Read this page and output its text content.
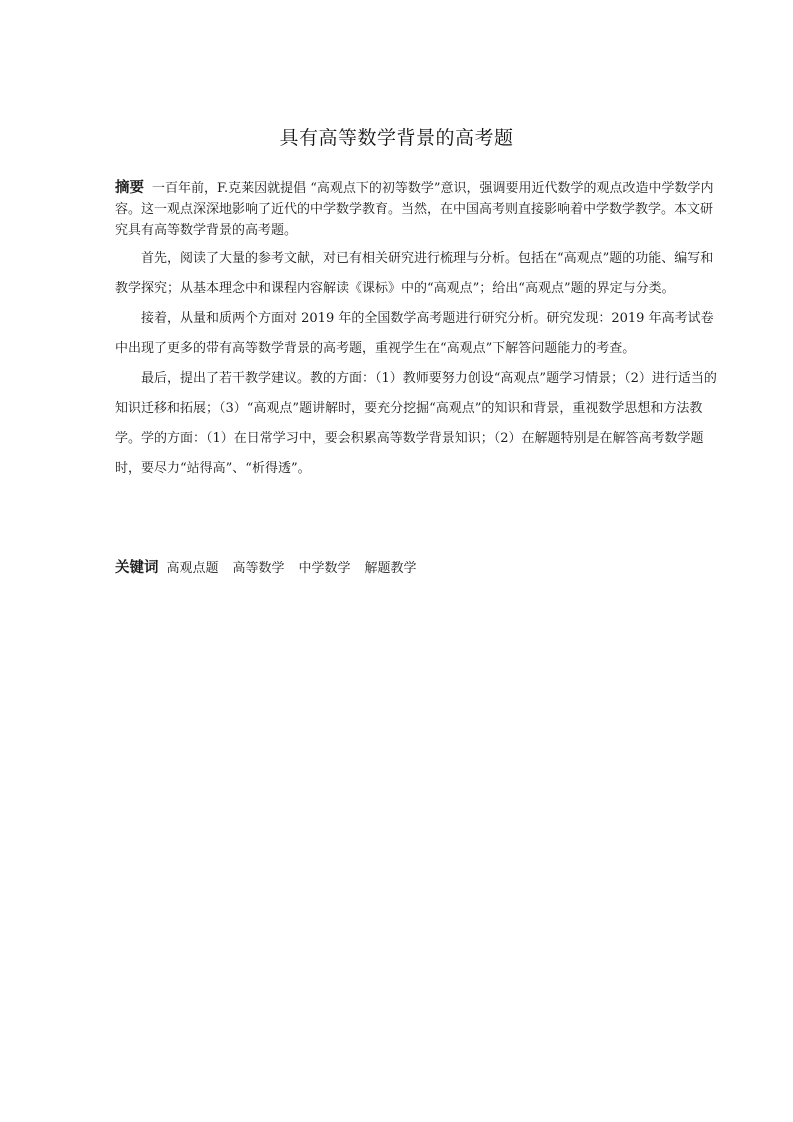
具有高等数学背景的高考题

摘要 一百年前，F.克莱因就提倡 “高观点下的初等数学”意识，强调要用近代数学的观点改造中学数学内容。这一观点深深地影响了近代的中学数学教育。当然，在中国高考则直接影响着中学数学教学。本文研究具有高等数学背景的高考题。

首先，阅读了大量的参考文献，对已有相关研究进行梳理与分析。包括在“高观点”题的功能、编写和教学探究；从基本理念中和课程内容解读《课标》中的“高观点”；给出“高观点”题的界定与分类。

接着，从量和质两个方面对 2019 年的全国数学高考题进行研究分析。研究发现：2019 年高考试卷中出现了更多的带有高等数学背景的高考题，重视学生在“高观点”下解答问题能力的考查。

最后，提出了若干教学建议。教的方面：（1）教师要努力创设“高观点”题学习情景；（2）进行适当的知识迁移和拓展；（3）“高观点”题讲解时，要充分挖掘“高观点”的知识和背景，重视数学思想和方法教学。学的方面：（1）在日常学习中，要会积累高等数学背景知识；（2）在解题特别是在解答高考数学题时，要尽力“站得高”、“析得透”。

关键词 高观点题 高等数学 中学数学 解题教学
